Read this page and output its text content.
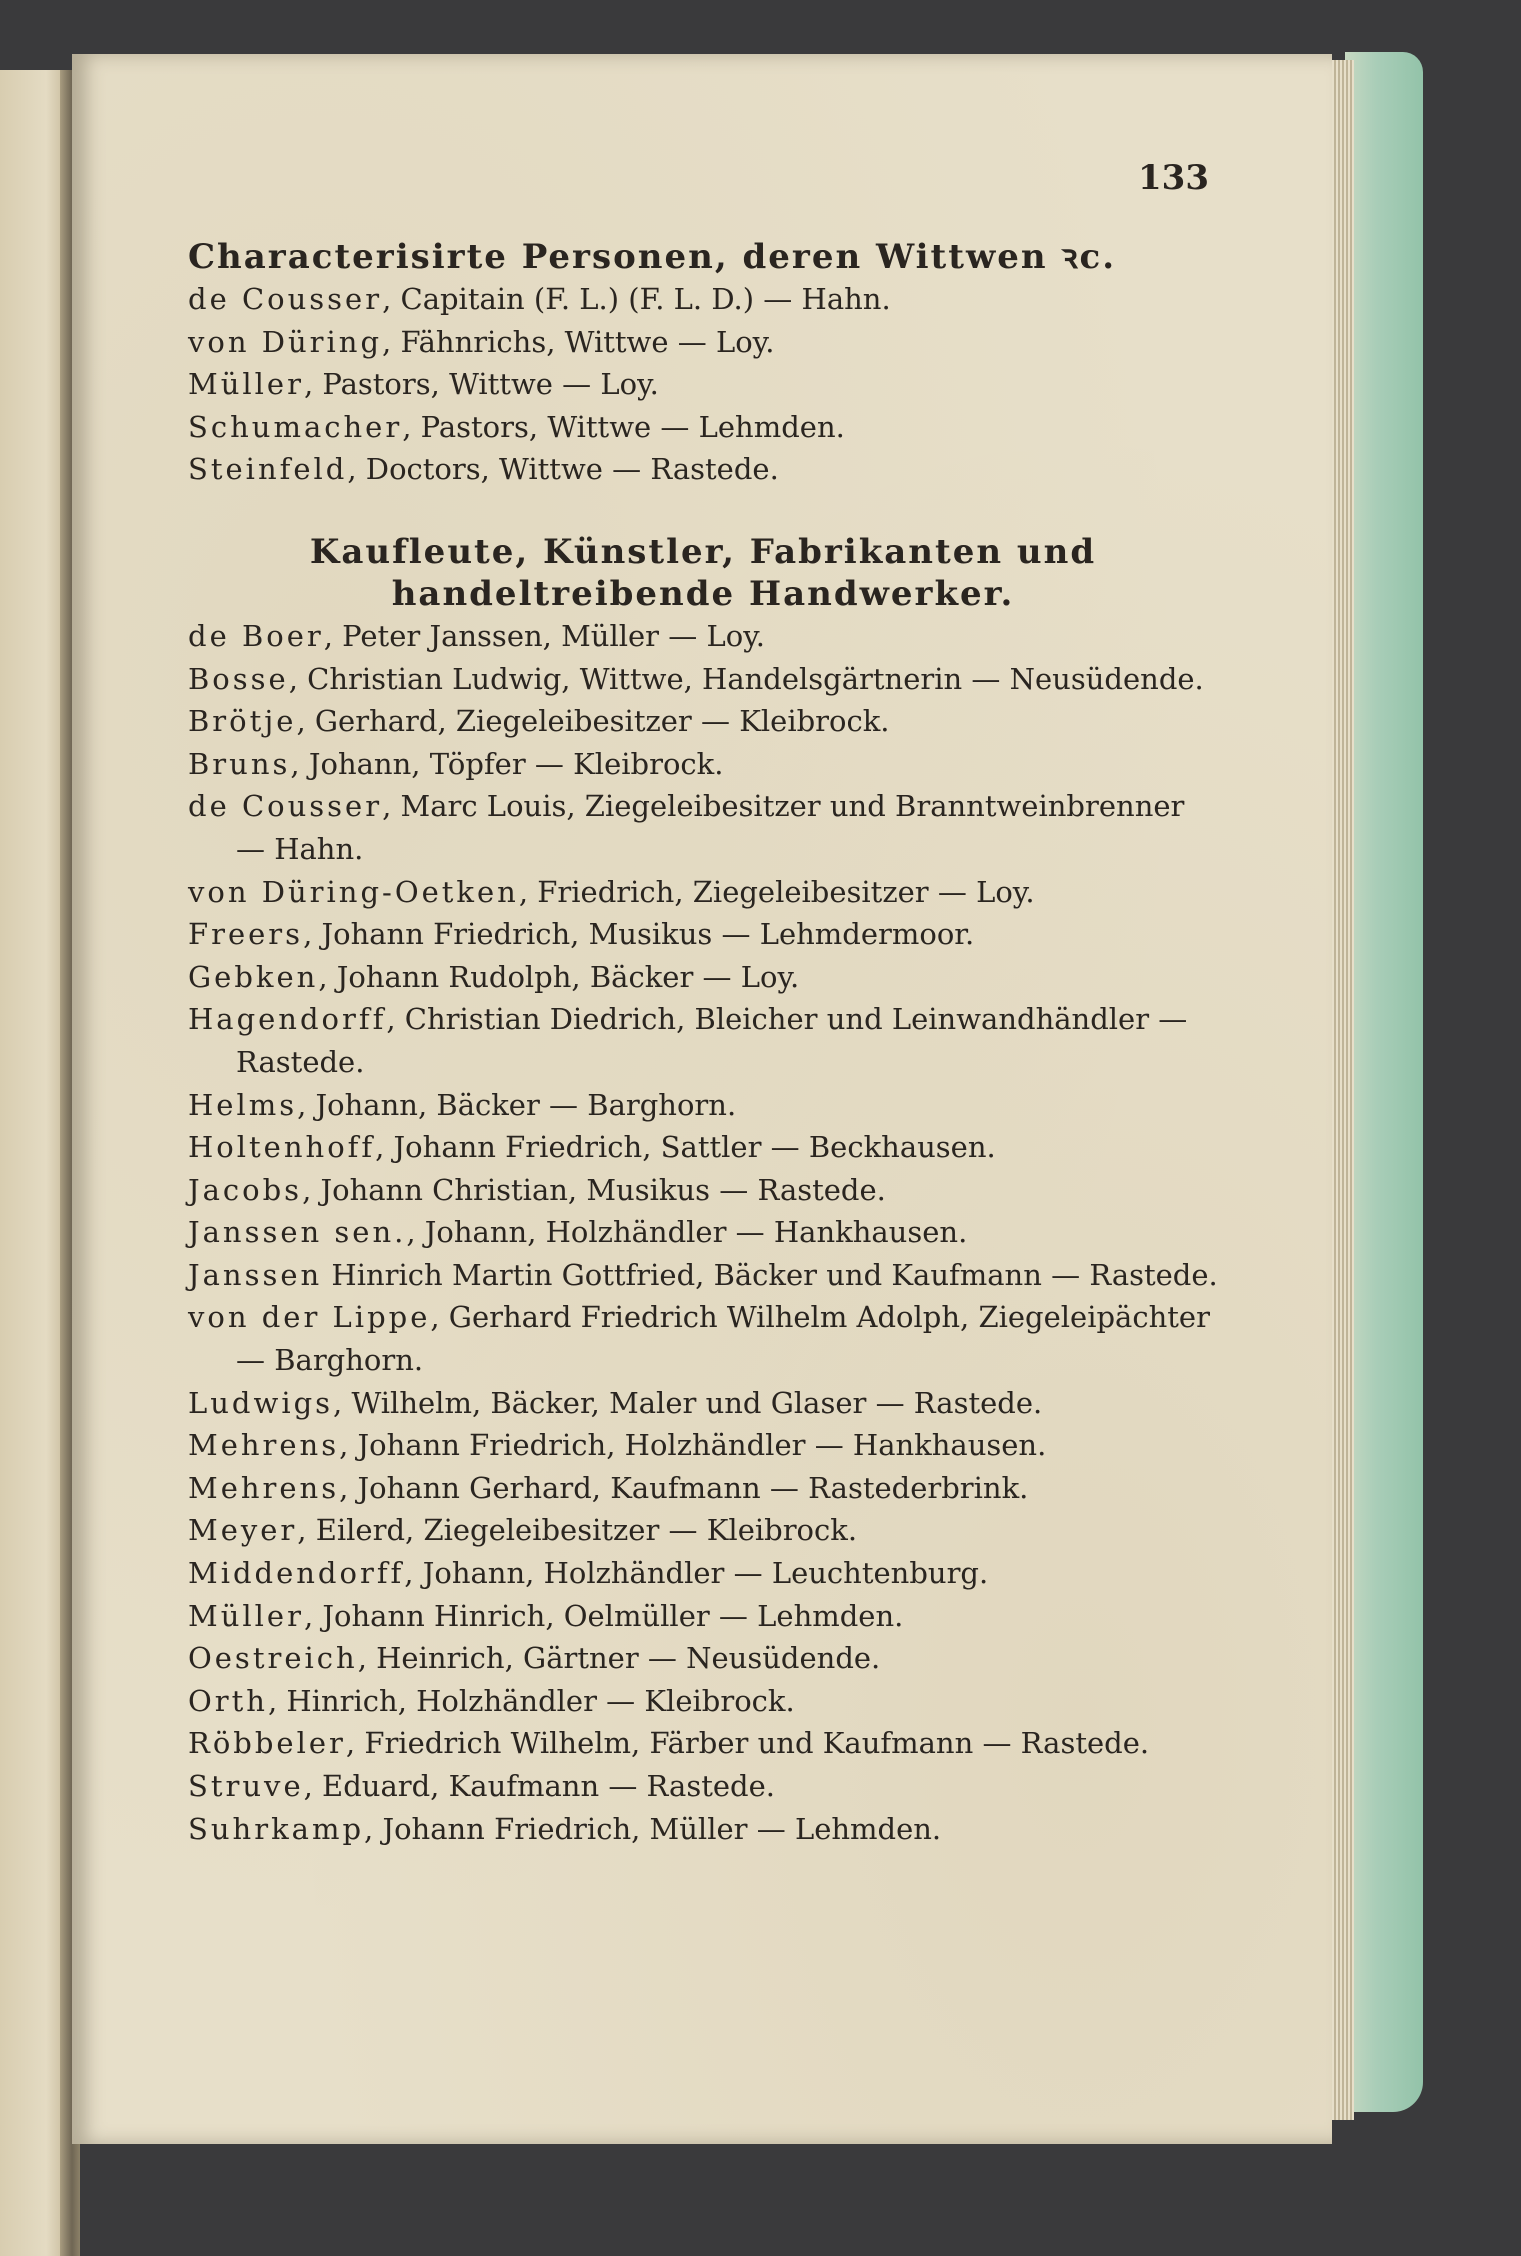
133

Characterisirte Personen, deren Wittwen ꝛc.

de Cousser, Capitain (F. L.) (F. L. D.) — Hahn.

von Düring, Fähnrichs, Wittwe — Loy.

Müller, Pastors, Wittwe — Loy.

Schumacher, Pastors, Wittwe — Lehmden.

Steinfeld, Doctors, Wittwe — Rastede.

Kaufleute, Künstler, Fabrikanten und handeltreibende Handwerker.

de Boer, Peter Janssen, Müller — Loy.

Bosse, Christian Ludwig, Wittwe, Handelsgärtnerin — Neusüdende.

Brötje, Gerhard, Ziegeleibesitzer — Kleibrock.

Bruns, Johann, Töpfer — Kleibrock.

de Cousser, Marc Louis, Ziegeleibesitzer und Branntweinbrenner — Hahn.

von Düring-Oetken, Friedrich, Ziegeleibesitzer — Loy.

Freers, Johann Friedrich, Musikus — Lehmdermoor.

Gebken, Johann Rudolph, Bäcker — Loy.

Hagendorff, Christian Diedrich, Bleicher und Leinwandhändler — Rastede.

Helms, Johann, Bäcker — Barghorn.

Holtenhoff, Johann Friedrich, Sattler — Beckhausen.

Jacobs, Johann Christian, Musikus — Rastede.

Janssen sen., Johann, Holzhändler — Hankhausen.

Janssen Hinrich Martin Gottfried, Bäcker und Kaufmann — Rastede.

von der Lippe, Gerhard Friedrich Wilhelm Adolph, Ziegeleipächter — Barghorn.

Ludwigs, Wilhelm, Bäcker, Maler und Glaser — Rastede.

Mehrens, Johann Friedrich, Holzhändler — Hankhausen.

Mehrens, Johann Gerhard, Kaufmann — Rastederbrink.

Meyer, Eilerd, Ziegeleibesitzer — Kleibrock.

Middendorff, Johann, Holzhändler — Leuchtenburg.

Müller, Johann Hinrich, Oelmüller — Lehmden.

Oestreich, Heinrich, Gärtner — Neusüdende.

Orth, Hinrich, Holzhändler — Kleibrock.

Röbbeler, Friedrich Wilhelm, Färber und Kaufmann — Rastede.

Struve, Eduard, Kaufmann — Rastede.

Suhrkamp, Johann Friedrich, Müller — Lehmden.
